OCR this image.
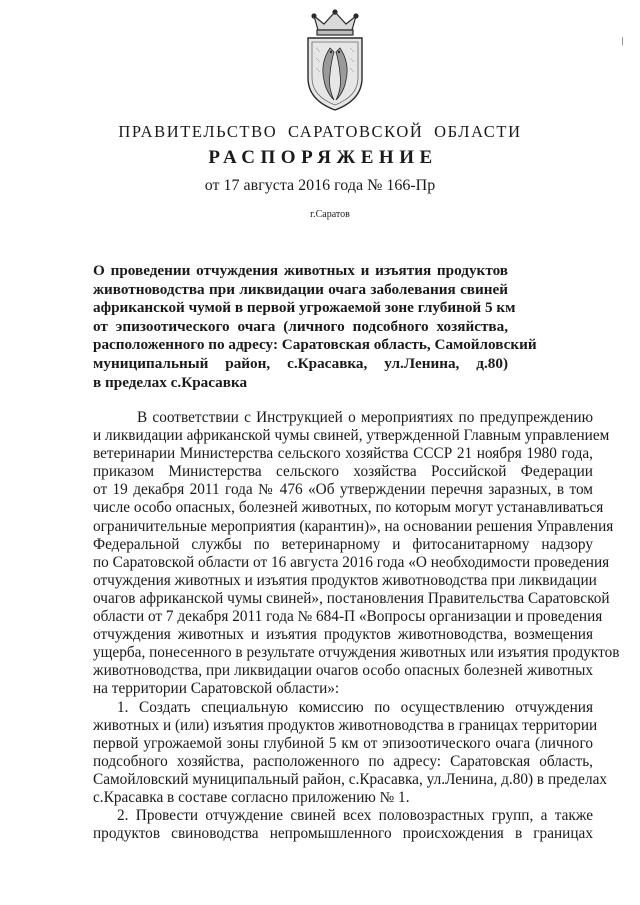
/
ПРАВИТЕЛЬСТВО САРАТОВСКОЙ ОБЛАСТИ
РАСПОРЯЖЕНИЕ
от 17 августа 2016 года № 166-Пр
г.Саратов
О проведении отчуждения животных и изъятия продуктов
животноводства при ликвидации очага заболевания свиней
африканской чумой в первой угрожаемой зоне глубиной 5 км
от эпизоотического очага (личного подсобного хозяйства,
расположенного по адресу: Саратовская область, Самойловский
муниципальный район, с.Красавка, ул.Ленина, д.80)
в пределах с.Красавка
В соответствии с Инструкцией о мероприятиях по предупреждению
и ликвидации африканской чумы свиней, утвержденной Главным управлением
ветеринарии Министерства сельского хозяйства СССР 21 ноября 1980 года,
приказом Министерства сельского хозяйства Российской Федерации
от 19 декабря 2011 года № 476 «Об утверждении перечня заразных, в том
числе особо опасных, болезней животных, по которым могут устанавливаться
ограничительные мероприятия (карантин)», на основании решения Управления
Федеральной службы по ветеринарному и фитосанитарному надзору
по Саратовской области от 16 августа 2016 года «О необходимости проведения
отчуждения животных и изъятия продуктов животноводства при ликвидации
очагов африканской чумы свиней», постановления Правительства Саратовской
области от 7 декабря 2011 года № 684-П «Вопросы организации и проведения
отчуждения животных и изъятия продуктов животноводства, возмещения
ущерба, понесенного в результате отчуждения животных или изъятия продуктов
животноводства, при ликвидации очагов особо опасных болезней животных
на территории Саратовской области»:
1. Создать специальную комиссию по осуществлению отчуждения
животных и (или) изъятия продуктов животноводства в границах территории
первой угрожаемой зоны глубиной 5 км от эпизоотического очага (личного
подсобного хозяйства, расположенного по адресу: Саратовская область,
Самойловский муниципальный район, с.Красавка, ул.Ленина, д.80) в пределах
с.Красавка в составе согласно приложению № 1.
2. Провести отчуждение свиней всех половозрастных групп, а также
продуктов свиноводства непромышленного происхождения в границах
